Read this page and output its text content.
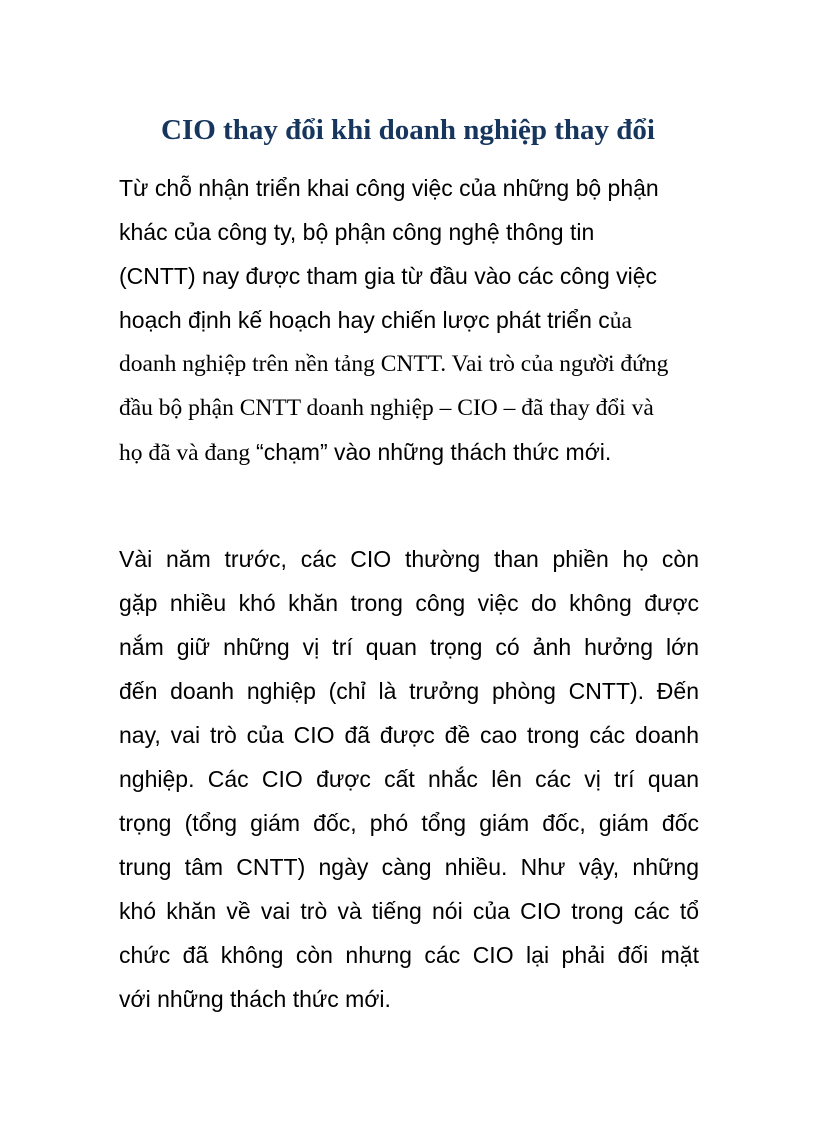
CIO thay đổi khi doanh nghiệp thay đổi
Từ chỗ nhận triển khai công việc của những bộ phận
khác của công ty, bộ phận công nghệ thông tin
(CNTT) nay được tham gia từ đầu vào các công việc
hoạch định kế hoạch hay chiến lược phát triển của
doanh nghiệp trên nền tảng CNTT. Vai trò của người đứng
đầu bộ phận CNTT doanh nghiệp – CIO – đã thay đổi và
họ đã và đang “chạm” vào những thách thức mới.
Vài năm trước, các CIO thường than phiền họ còn
gặp nhiều khó khăn trong công việc do không được
nắm giữ những vị trí quan trọng có ảnh hưởng lớn
đến doanh nghiệp (chỉ là trưởng phòng CNTT). Đến
nay, vai trò của CIO đã được đề cao trong các doanh
nghiệp. Các CIO được cất nhắc lên các vị trí quan
trọng (tổng giám đốc, phó tổng giám đốc, giám đốc
trung tâm CNTT) ngày càng nhiều. Như vậy, những
khó khăn về vai trò và tiếng nói của CIO trong các tổ
chức đã không còn nhưng các CIO lại phải đối mặt
với những thách thức mới.
